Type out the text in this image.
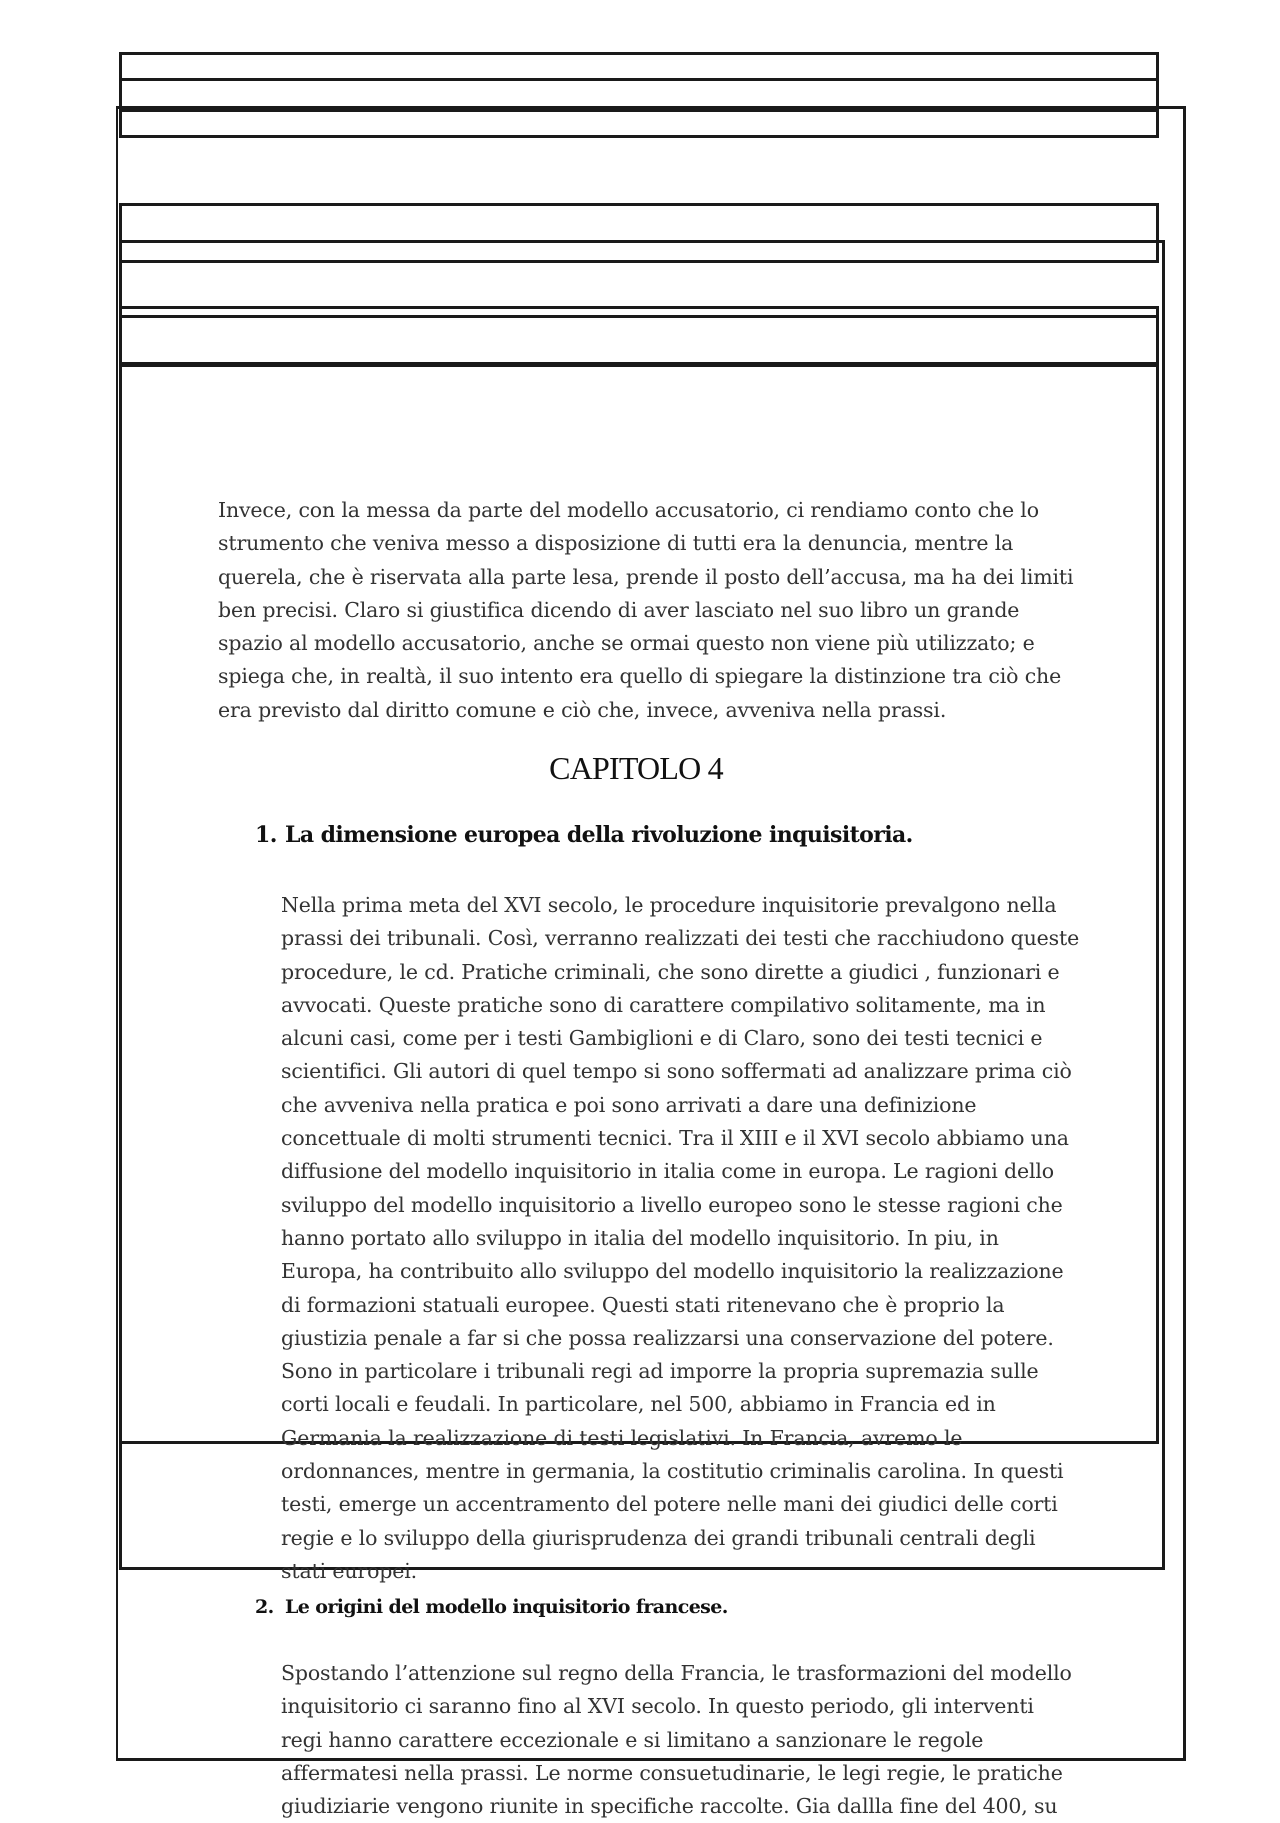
Invece, con la messa da parte del modello accusatorio, ci rendiamo conto che lo strumento che veniva messo a disposizione di tutti era la denuncia, mentre la querela, che è riservata alla parte lesa, prende il posto dell’accusa, ma ha dei limiti ben precisi. Claro si giustifica dicendo di aver lasciato nel suo libro un grande spazio al modello accusatorio, anche se ormai questo non viene più utilizzato; e spiega che, in realtà, il suo intento era quello di spiegare la distinzione tra ciò che era previsto dal diritto comune e ciò che, invece, avveniva nella prassi.

CAPITOLO 4
1. La dimensione europea della rivoluzione inquisitoria.

Nella prima meta del XVI secolo, le procedure inquisitorie prevalgono nella prassi dei tribunali. Così, verranno realizzati dei testi che racchiudono queste procedure, le cd. Pratiche criminali, che sono dirette a giudici , funzionari e avvocati. Queste pratiche sono di carattere compilativo solitamente, ma in alcuni casi, come per i testi Gambiglioni e di Claro, sono dei testi tecnici e scientifici. Gli autori di quel tempo si sono soffermati ad analizzare prima ciò che avveniva nella pratica e poi sono arrivati a dare una definizione concettuale di molti strumenti tecnici. Tra il XIII e il XVI secolo abbiamo una diffusione del modello inquisitorio in italia come in europa. Le ragioni dello sviluppo del modello inquisitorio a livello europeo sono le stesse ragioni che hanno portato allo sviluppo in italia del modello inquisitorio. In piu, in Europa, ha contribuito allo sviluppo del modello inquisitorio la realizzazione di formazioni statuali europee. Questi stati ritenevano che è proprio la giustizia penale a far si che possa realizzarsi una conservazione del potere. Sono in particolare i tribunali regi ad imporre la propria supremazia sulle corti locali e feudali. In particolare, nel 500, abbiamo in Francia ed in Germania la realizzazione di testi legislativi. In Francia, avremo le ordonnances, mentre in germania, la costitutio criminalis carolina. In questi testi, emerge un accentramento del potere nelle mani dei giudici delle corti regie e lo sviluppo della giurisprudenza dei grandi tribunali centrali degli stati europei.

2. Le origini del modello inquisitorio francese.

Spostando l’attenzione sul regno della Francia, le trasformazioni del modello inquisitorio ci saranno fino al XVI secolo. In questo periodo, gli interventi regi hanno carattere eccezionale e si limitano a sanzionare le regole affermatesi nella prassi. Le norme consuetudinarie, le legi regie, le pratiche giudiziarie vengono riunite in specifiche raccolte. Gia dallla fine del 400, su
